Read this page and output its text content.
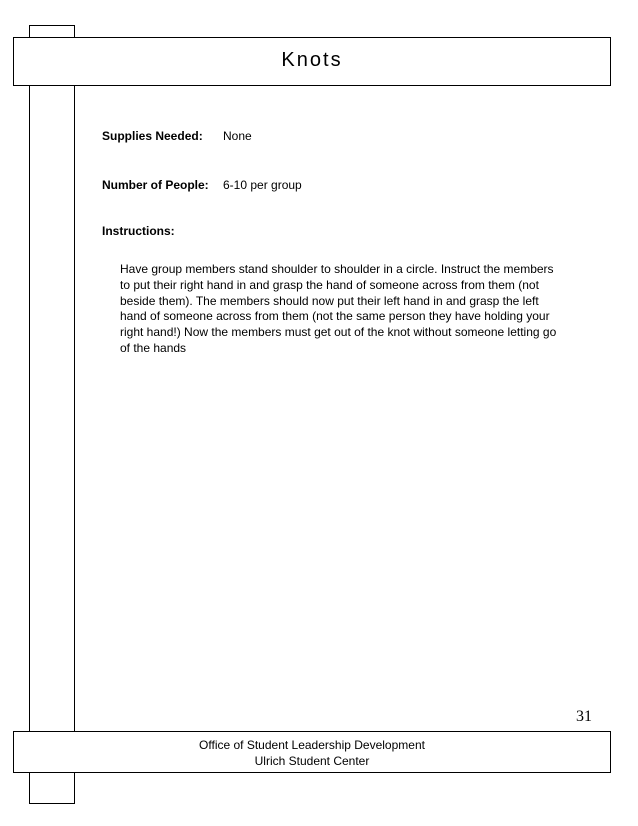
Knots
Supplies Needed: None
Number of People: 6-10 per group
Instructions:
Have group members stand shoulder to shoulder in a circle. Instruct the members
to put their right hand in and grasp the hand of someone across from them (not
beside them). The members should now put their left hand in and grasp the left
hand of someone across from them (not the same person they have holding your
right hand!) Now the members must get out of the knot without someone letting go
of the hands
31
Office of Student Leadership Development
Ulrich Student Center
